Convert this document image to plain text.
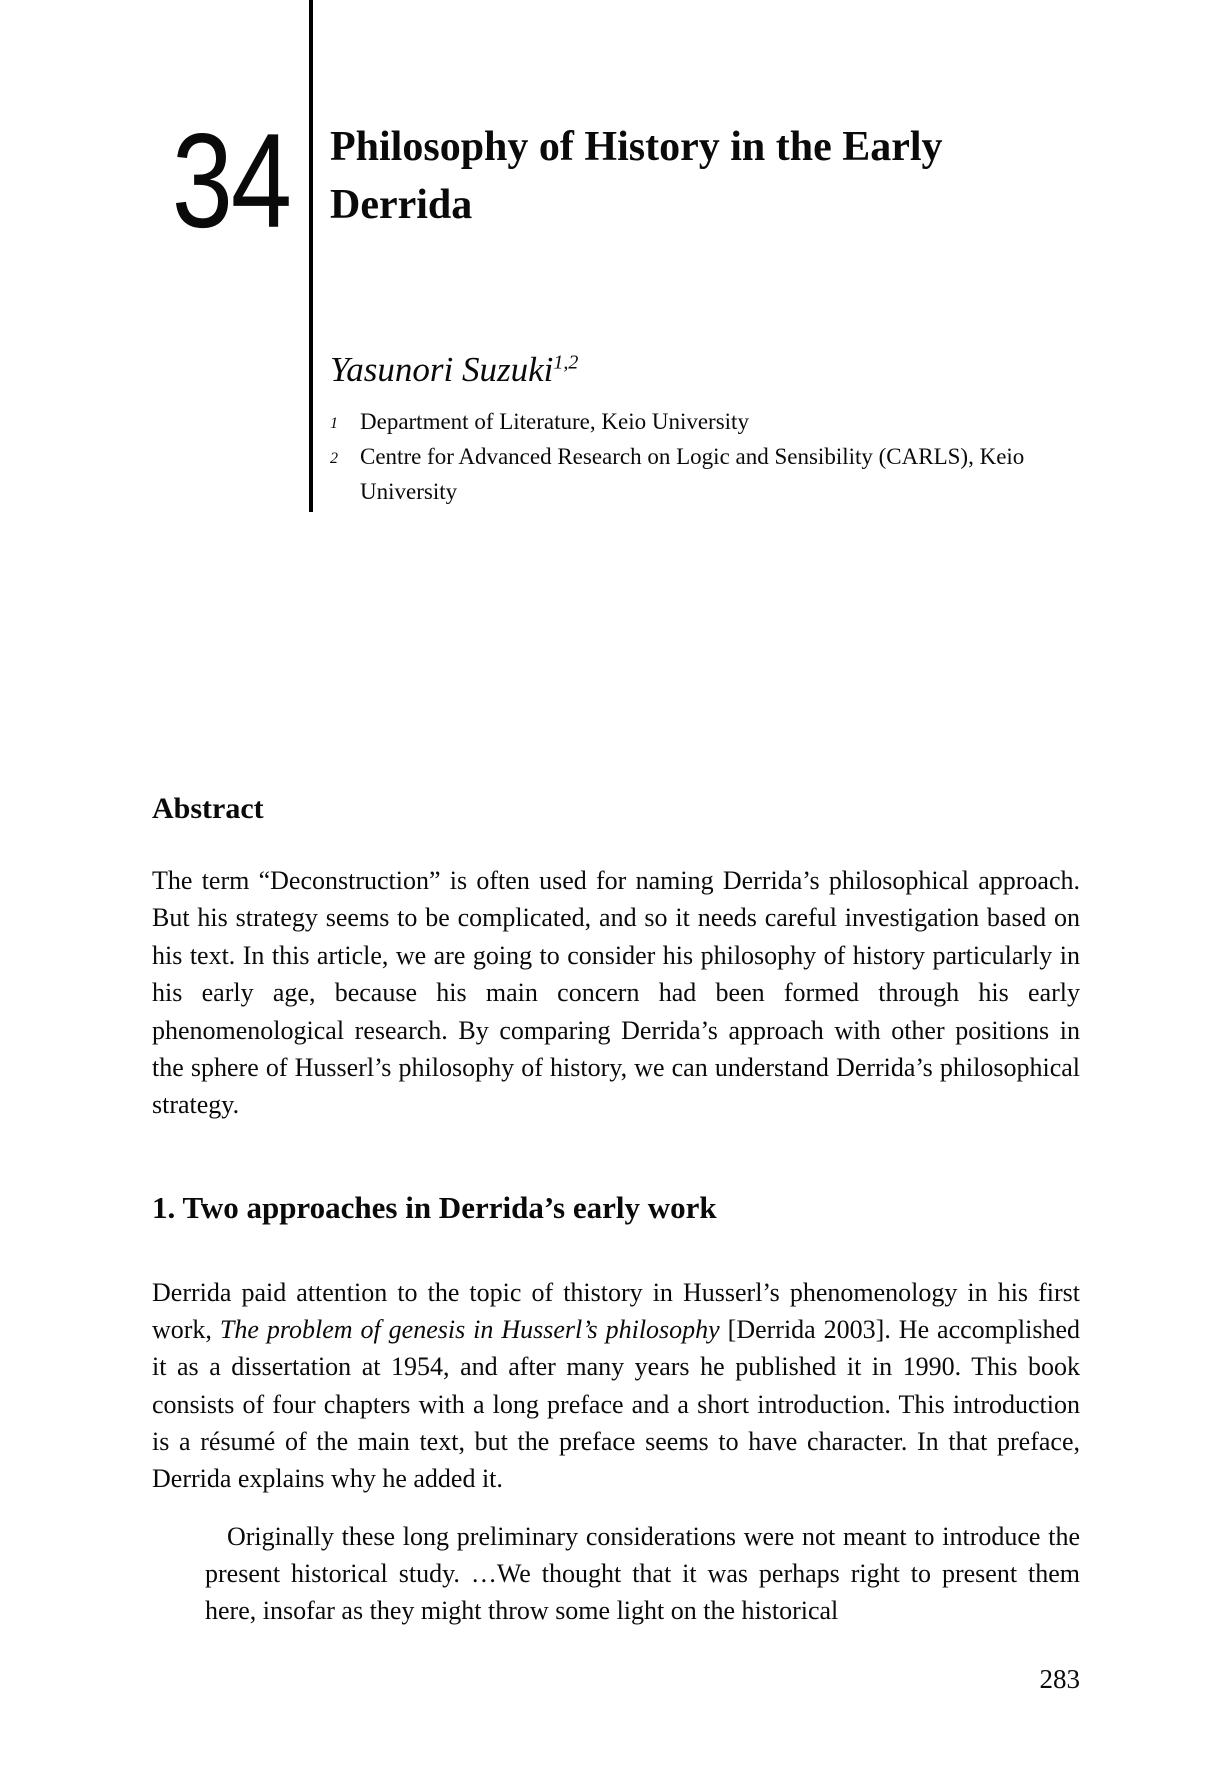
34 Philosophy of History in the Early
Derrida
Yasunori Suzuki$^{1,2}$
1 Department of Literature, Keio University
2 Centre for Advanced Research on Logic and Sensibility (CARLS), Keio
University
Abstract
The term “Deconstruction” is often used for naming Derrida’s philosophical approach. But his strategy seems to be complicated, and so it needs careful investigation based on his text. In this article, we are going to consider his philosophy of history particularly in his early age, because his main concern had been formed through his early phenomenological research. By comparing Derrida’s approach with other positions in the sphere of Husserl’s philosophy of history, we can understand Derrida’s philosophical strategy.
1. Two approaches in Derrida’s early work
Derrida paid attention to the topic of thistory in Husserl’s phenomenology in his first work, The problem of genesis in Husserl’s philosophy [Derrida 2003]. He accomplished it as a dissertation at 1954, and after many years he published it in 1990. This book consists of four chapters with a long preface and a short introduction. This introduction is a résumé of the main text, but the preface seems to have character. In that preface, Derrida explains why he added it.
Originally these long preliminary considerations were not meant to introduce the present historical study. …We thought that it was perhaps right to present them here, insofar as they might throw some light on the historical
283
